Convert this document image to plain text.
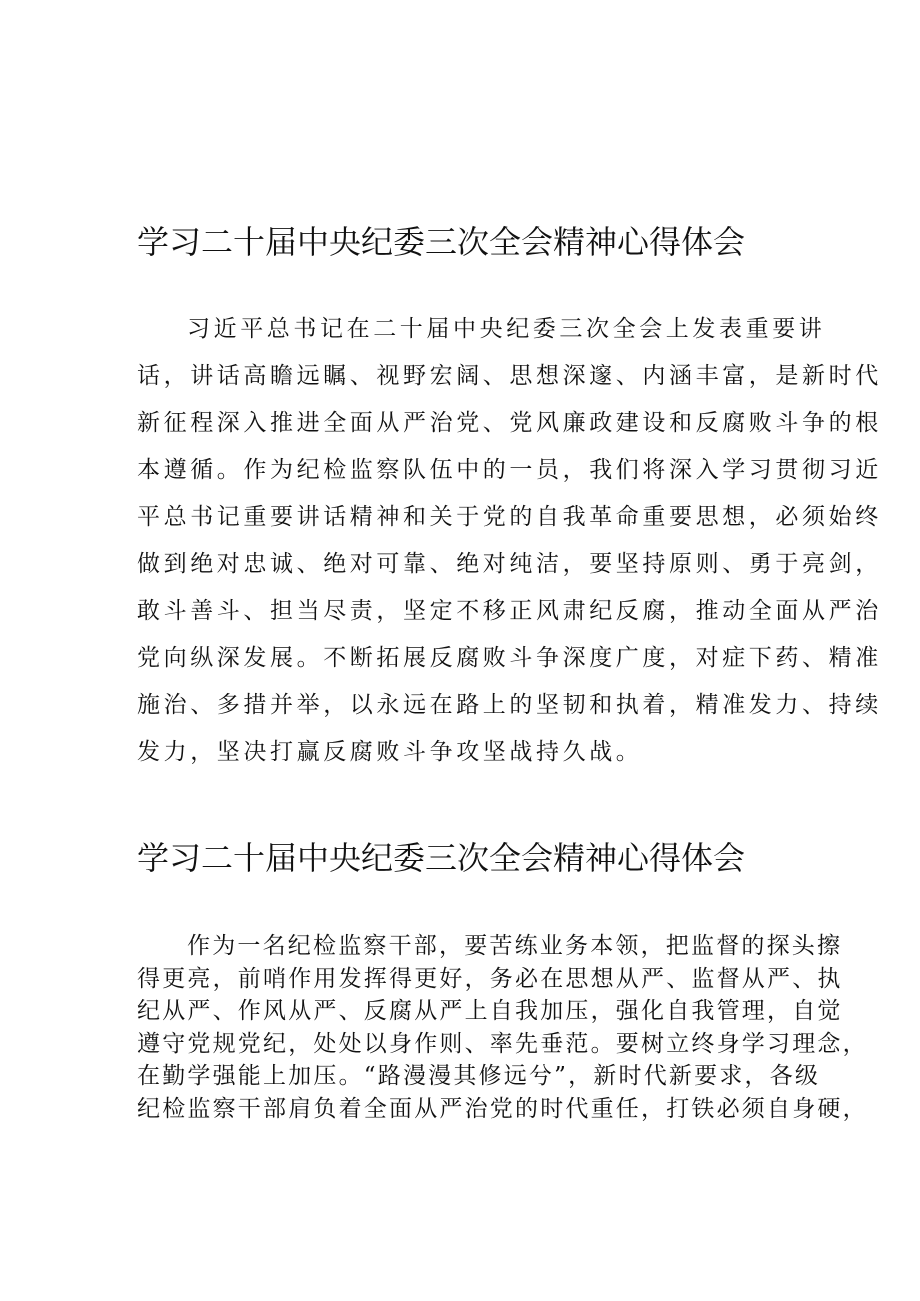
学习二十届中央纪委三次全会精神心得体会
习近平总书记在二十届中央纪委三次全会上发表重要讲
话，讲话高瞻远瞩、视野宏阔、思想深邃、内涵丰富，是新时代
新征程深入推进全面从严治党、党风廉政建设和反腐败斗争的根
本遵循。作为纪检监察队伍中的一员，我们将深入学习贯彻习近
平总书记重要讲话精神和关于党的自我革命重要思想，必须始终
做到绝对忠诚、绝对可靠、绝对纯洁，要坚持原则、勇于亮剑，
敢斗善斗、担当尽责，坚定不移正风肃纪反腐，推动全面从严治
党向纵深发展。不断拓展反腐败斗争深度广度，对症下药、精准
施治、多措并举，以永远在路上的坚韧和执着，精准发力、持续
发力，坚决打赢反腐败斗争攻坚战持久战。
学习二十届中央纪委三次全会精神心得体会
作为一名纪检监察干部，要苦练业务本领，把监督的探头擦
得更亮，前哨作用发挥得更好，务必在思想从严、监督从严、执
纪从严、作风从严、反腐从严上自我加压，强化自我管理，自觉
遵守党规党纪，处处以身作则、率先垂范。要树立终身学习理念，
在勤学强能上加压。“路漫漫其修远兮”，新时代新要求，各级
纪检监察干部肩负着全面从严治党的时代重任，打铁必须自身硬，
